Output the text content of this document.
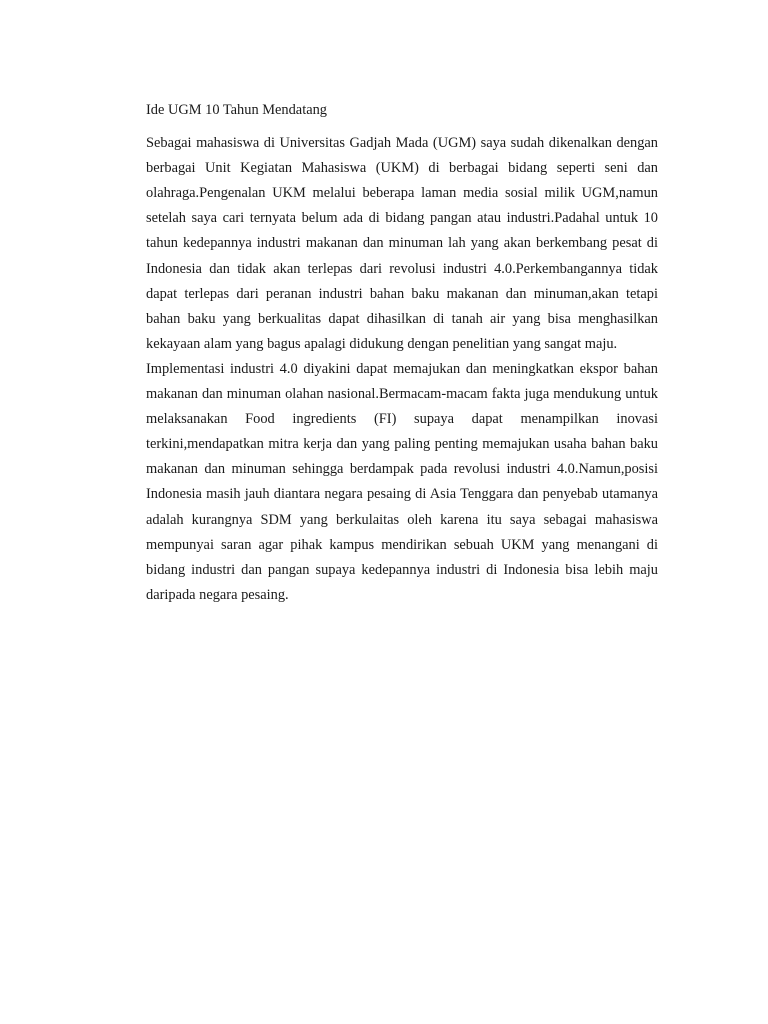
Ide UGM 10 Tahun Mendatang

Sebagai mahasiswa di Universitas Gadjah Mada (UGM) saya sudah dikenalkan dengan berbagai Unit Kegiatan Mahasiswa (UKM) di berbagai bidang seperti seni dan olahraga.Pengenalan UKM melalui beberapa laman media sosial milik UGM,namun setelah saya cari ternyata belum ada di bidang pangan atau industri.Padahal untuk 10 tahun kedepannya industri makanan dan minuman lah yang akan berkembang pesat di Indonesia dan tidak akan terlepas dari revolusi industri 4.0.Perkembangannya tidak dapat terlepas dari peranan industri bahan baku makanan dan minuman,akan tetapi bahan baku yang berkualitas dapat dihasilkan di tanah air yang bisa menghasilkan kekayaan alam yang bagus apalagi didukung dengan penelitian yang sangat maju.

Implementasi industri 4.0 diyakini dapat memajukan dan meningkatkan ekspor bahan makanan dan minuman olahan nasional.Bermacam-macam fakta juga mendukung untuk melaksanakan Food ingredients (FI) supaya dapat menampilkan inovasi terkini,mendapatkan mitra kerja dan yang paling penting memajukan usaha bahan baku makanan dan minuman sehingga berdampak pada revolusi industri 4.0.Namun,posisi Indonesia masih jauh diantara negara pesaing di Asia Tenggara dan penyebab utamanya adalah kurangnya SDM yang berkulaitas oleh karena itu saya sebagai mahasiswa mempunyai saran agar pihak kampus mendirikan sebuah UKM yang menangani di bidang industri dan pangan supaya kedepannya industri di Indonesia bisa lebih maju daripada negara pesaing.
